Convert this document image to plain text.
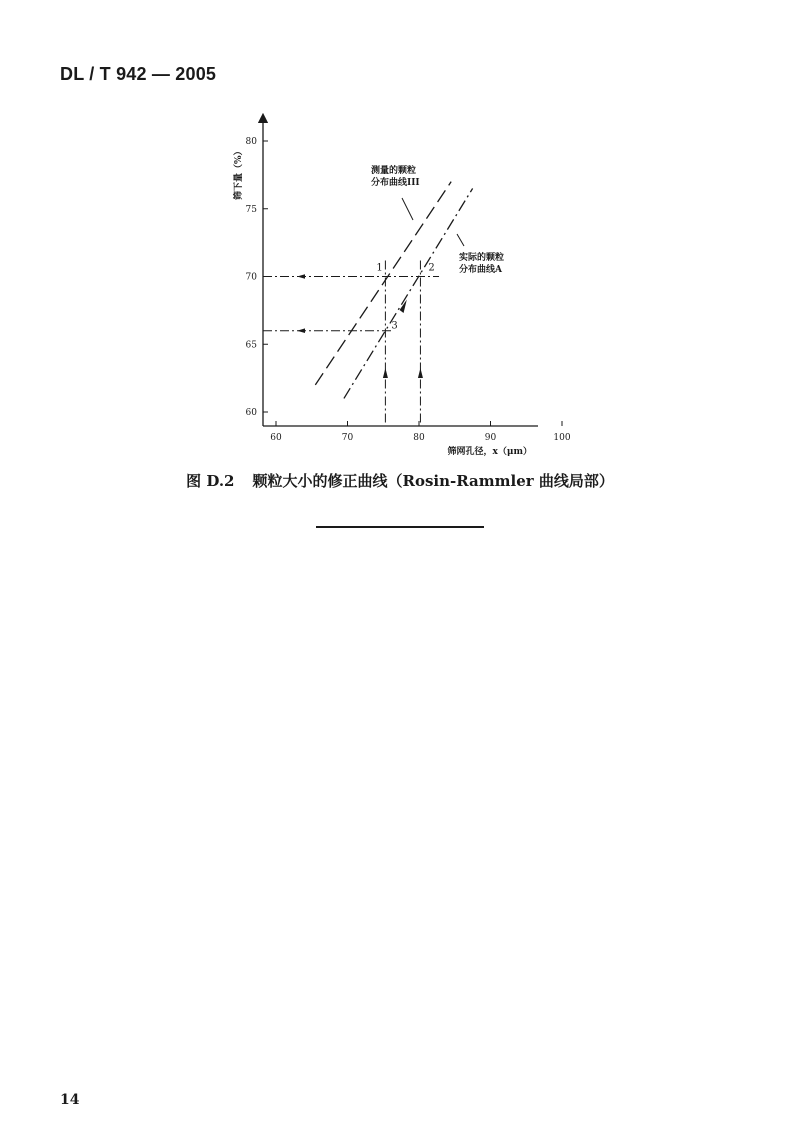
DL / T 942 — 2005
60	70	80	90	100
60
65
70
75
80
筛网孔径，x（μm）
筛下量（%）
1	2
3
测量的颗粒
分布曲线III
实际的颗粒
分布曲线A
图 D.2 颗粒大小的修正曲线（Rosin-Rammler 曲线局部）
14
